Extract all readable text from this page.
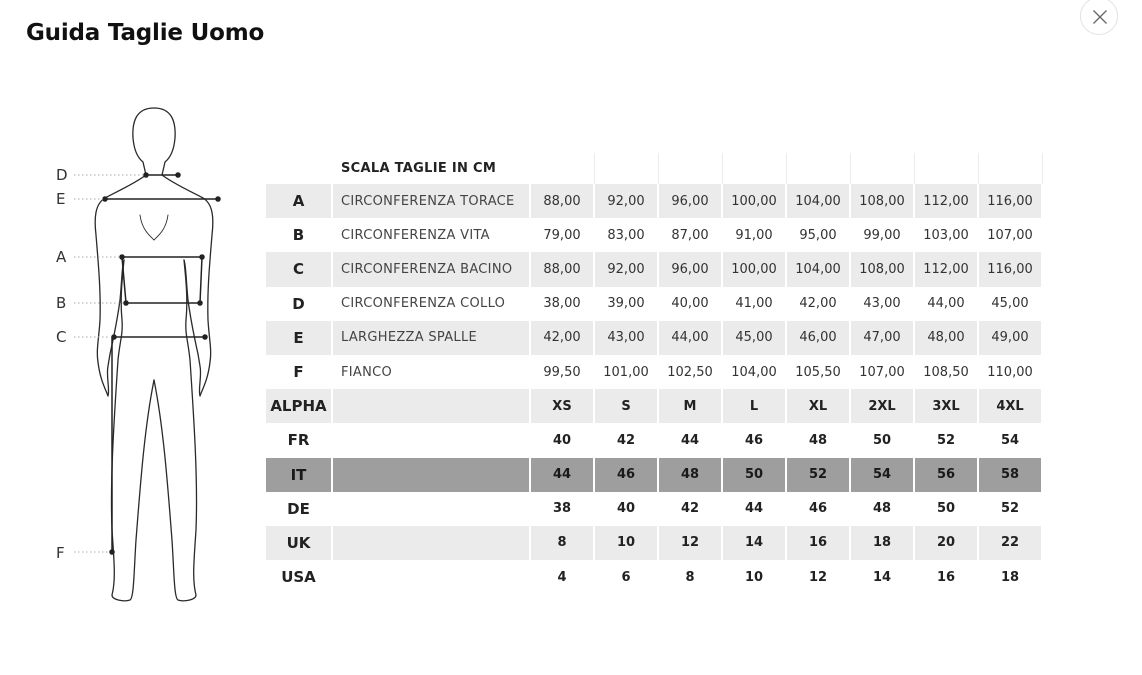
Guida Taglie Uomo
D
E
A
B
C
F
	SCALA TAGLIE IN CM								
A	CIRCONFERENZA TORACE	88,00	92,00	96,00	100,00	104,00	108,00	112,00	116,00
B	CIRCONFERENZA VITA	79,00	83,00	87,00	91,00	95,00	99,00	103,00	107,00
C	CIRCONFERENZA BACINO	88,00	92,00	96,00	100,00	104,00	108,00	112,00	116,00
D	CIRCONFERENZA COLLO	38,00	39,00	40,00	41,00	42,00	43,00	44,00	45,00
E	LARGHEZZA SPALLE	42,00	43,00	44,00	45,00	46,00	47,00	48,00	49,00
F	FIANCO	99,50	101,00	102,50	104,00	105,50	107,00	108,50	110,00
ALPHA		XS	S	M	L	XL	2XL	3XL	4XL
FR		40	42	44	46	48	50	52	54
IT		44	46	48	50	52	54	56	58
DE		38	40	42	44	46	48	50	52
UK		8	10	12	14	16	18	20	22
USA		4	6	8	10	12	14	16	18
